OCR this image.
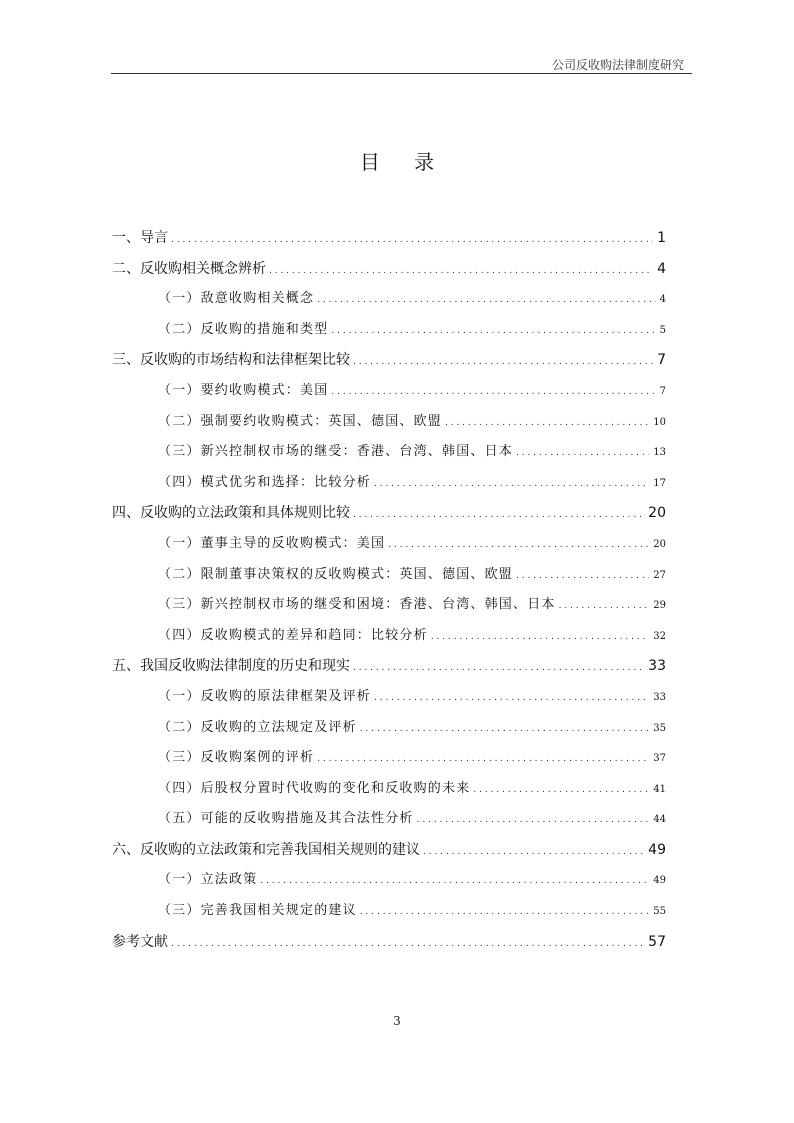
公司反收购法律制度研究
目 录
一、导言 . . .	1
二、反收购相关概念辨析 . . .	4
（一）敌意收购相关概念 . . .	4
（二）反收购的措施和类型 . . .	5
三、反收购的市场结构和法律框架比较 . . .	7
（一）要约收购模式：美国 . . .	7
（二）强制要约收购模式：英国、德国、欧盟 . . .	10
（三）新兴控制权市场的继受：香港、台湾、韩国、日本 . . .	13
（四）模式优劣和选择：比较分析 . . .	17
四、反收购的立法政策和具体规则比较 . . .	20
（一）董事主导的反收购模式：美国 . . .	20
（二）限制董事决策权的反收购模式：英国、德国、欧盟 . . .	27
（三）新兴控制权市场的继受和困境：香港、台湾、韩国、日本 . . .	29
（四）反收购模式的差异和趋同：比较分析 . . .	32
五、我国反收购法律制度的历史和现实 . . .	33
（一）反收购的原法律框架及评析 . . .	33
（二）反收购的立法规定及评析 . . .	35
（三）反收购案例的评析 . . .	37
（四）后股权分置时代收购的变化和反收购的未来 . . .	41
（五）可能的反收购措施及其合法性分析 . . .	44
六、反收购的立法政策和完善我国相关规则的建议 . . .	49
（一）立法政策 . . .	49
（三）完善我国相关规定的建议 . . .	55
参考文献 . . .	57
3
